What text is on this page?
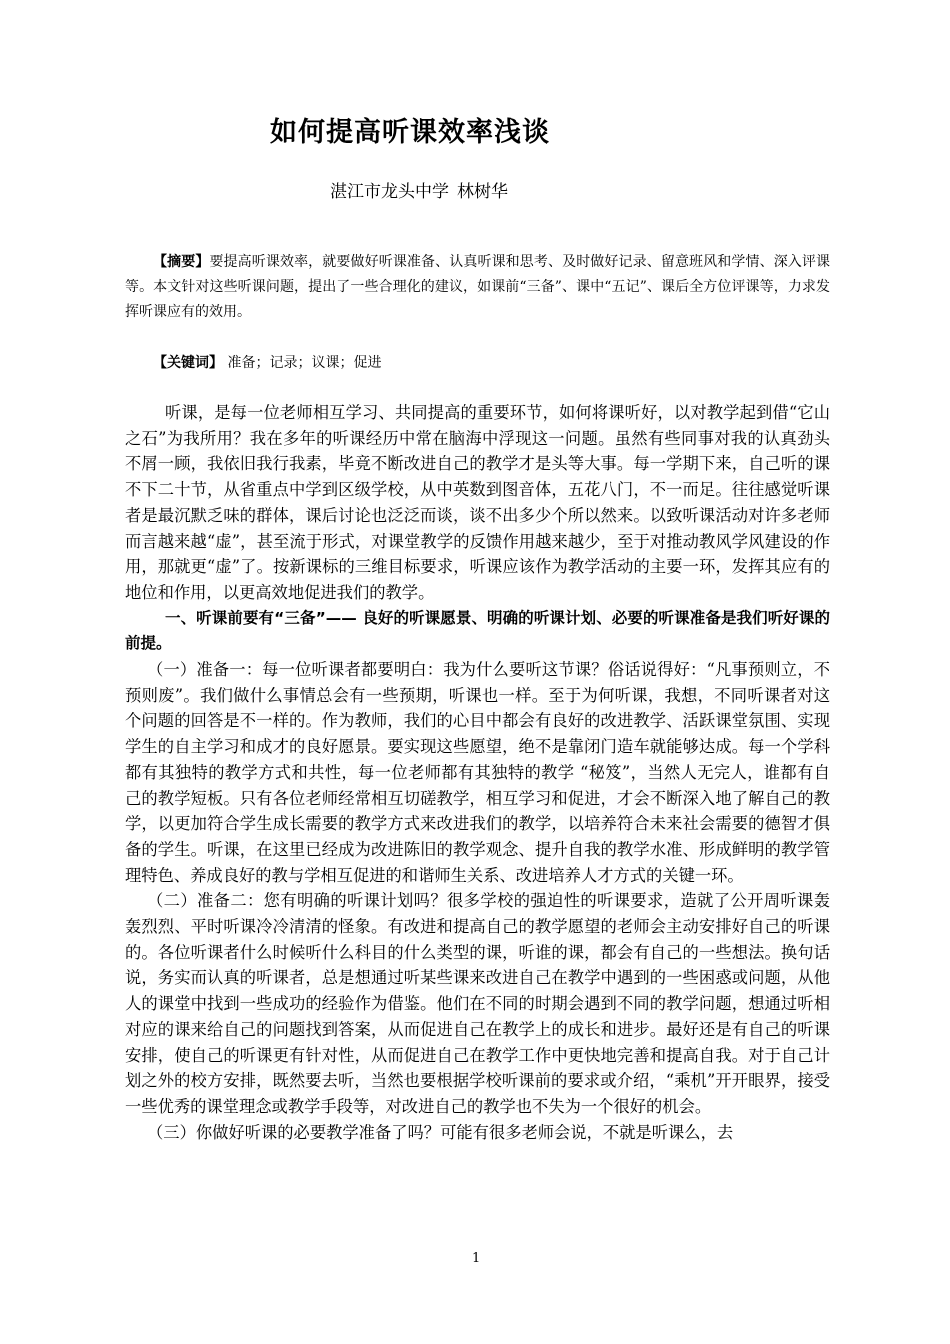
如何提高听课效率浅谈
湛江市龙头中学 林树华
【摘要】要提高听课效率，就要做好听课准备、认真听课和思考、及时做好记录、留意班风和学情、深入评课等。本文针对这些听课问题，提出了一些合理化的建议，如课前“三备”、课中“五记”、课后全方位评课等，力求发挥听课应有的效用。
【关键词】 准备；记录；议课；促进

听课，是每一位老师相互学习、共同提高的重要环节，如何将课听好，以对教学起到借“它山之石”为我所用？我在多年的听课经历中常在脑海中浮现这一问题。虽然有些同事对我的认真劲头不屑一顾，我依旧我行我素，毕竟不断改进自己的教学才是头等大事。每一学期下来，自己听的课不下二十节，从省重点中学到区级学校，从中英数到图音体，五花八门，不一而足。往往感觉听课者是最沉默乏味的群体，课后讨论也泛泛而谈，谈不出多少个所以然来。以致听课活动对许多老师而言越来越“虚”，甚至流于形式，对课堂教学的反馈作用越来越少，至于对推动教风学风建设的作用，那就更“虚”了。按新课标的三维目标要求，听课应该作为教学活动的主要一环，发挥其应有的地位和作用，以更高效地促进我们的教学。

一、听课前要有“三备”—— 良好的听课愿景、明确的听课计划、必要的听课准备是我们听好课的前提。

（一）准备一：每一位听课者都要明白：我为什么要听这节课？俗话说得好：“凡事预则立，不预则废”。我们做什么事情总会有一些预期，听课也一样。至于为何听课，我想，不同听课者对这个问题的回答是不一样的。作为教师，我们的心目中都会有良好的改进教学、活跃课堂氛围、实现学生的自主学习和成才的良好愿景。要实现这些愿望，绝不是靠闭门造车就能够达成。每一个学科都有其独特的教学方式和共性，每一位老师都有其独特的教学 “秘笈”，当然人无完人，谁都有自己的教学短板。只有各位老师经常相互切磋教学，相互学习和促进，才会不断深入地了解自己的教学，以更加符合学生成长需要的教学方式来改进我们的教学，以培养符合未来社会需要的德智才俱备的学生。听课，在这里已经成为改进陈旧的教学观念、提升自我的教学水准、形成鲜明的教学管理特色、养成良好的教与学相互促进的和谐师生关系、改进培养人才方式的关键一环。

（二）准备二：您有明确的听课计划吗？很多学校的强迫性的听课要求，造就了公开周听课轰轰烈烈、平时听课冷冷清清的怪象。有改进和提高自己的教学愿望的老师会主动安排好自己的听课的。各位听课者什么时候听什么科目的什么类型的课，听谁的课，都会有自己的一些想法。换句话说，务实而认真的听课者，总是想通过听某些课来改进自己在教学中遇到的一些困惑或问题，从他人的课堂中找到一些成功的经验作为借鉴。他们在不同的时期会遇到不同的教学问题，想通过听相对应的课来给自己的问题找到答案，从而促进自己在教学上的成长和进步。最好还是有自己的听课安排，使自己的听课更有针对性，从而促进自己在教学工作中更快地完善和提高自我。对于自己计划之外的校方安排，既然要去听，当然也要根据学校听课前的要求或介绍，“乘机”开开眼界，接受一些优秀的课堂理念或教学手段等，对改进自己的教学也不失为一个很好的机会。

（三）你做好听课的必要教学准备了吗？可能有很多老师会说，不就是听课么，去

1
